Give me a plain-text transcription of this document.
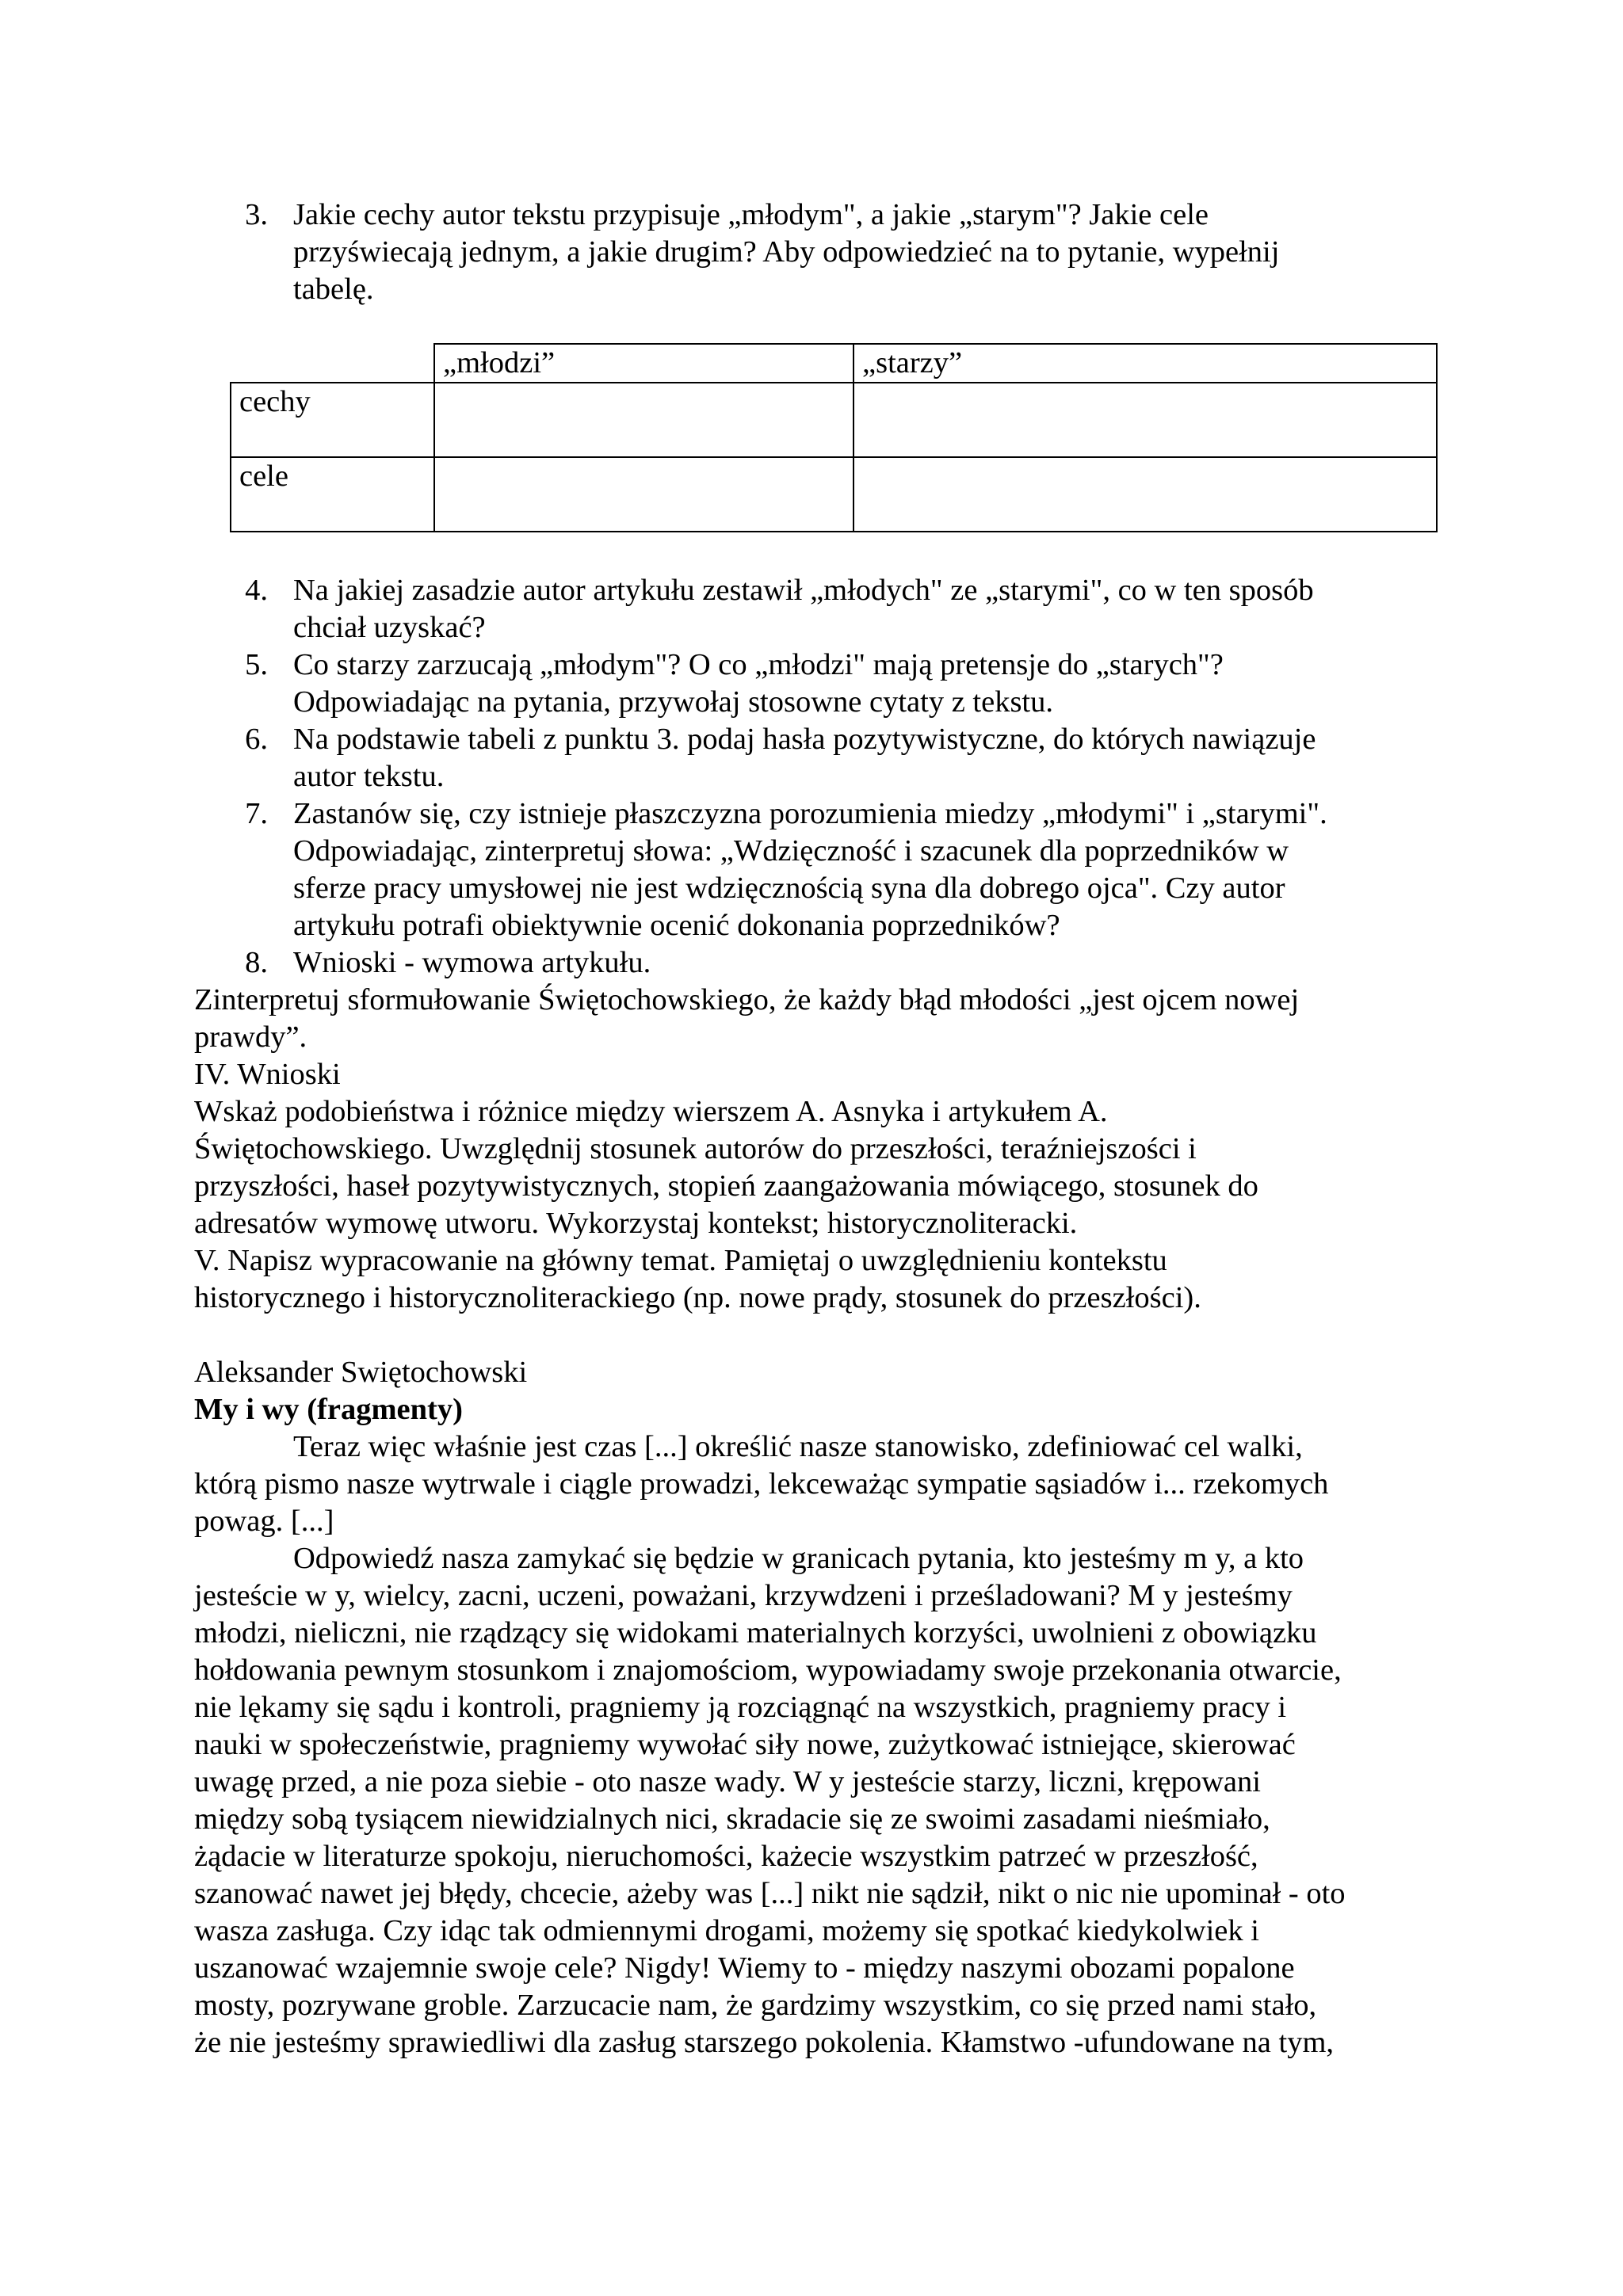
3. Jakie cechy autor tekstu przypisuje „młodym", a jakie „starym"? Jakie cele
przyświecają jednym, a jakie drugim? Aby odpowiedzieć na to pytanie, wypełnij
tabelę.
	„młodzi”	„starzy”

cechy		

cele		

4. Na jakiej zasadzie autor artykułu zestawił „młodych" ze „starymi", co w ten sposób
chciał uzyskać?
5. Co starzy zarzucają „młodym"? O co „młodzi" mają pretensje do „starych"?
Odpowiadając na pytania, przywołaj stosowne cytaty z tekstu.
6. Na podstawie tabeli z punktu 3. podaj hasła pozytywistyczne, do których nawiązuje
autor tekstu.
7. Zastanów się, czy istnieje płaszczyzna porozumienia miedzy „młodymi" i „starymi".
Odpowiadając, zinterpretuj słowa: „Wdzięczność i szacunek dla poprzedników w
sferze pracy umysłowej nie jest wdzięcznością syna dla dobrego ojca". Czy autor
artykułu potrafi obiektywnie ocenić dokonania poprzedników?
8. Wnioski - wymowa artykułu.
Zinterpretuj sformułowanie Świętochowskiego, że każdy błąd młodości „jest ojcem nowej
prawdy”.
IV. Wnioski
Wskaż podobieństwa i różnice między wierszem A. Asnyka i artykułem A.
Świętochowskiego. Uwzględnij stosunek autorów do przeszłości, teraźniejszości i
przyszłości, haseł pozytywistycznych, stopień zaangażowania mówiącego, stosunek do
adresatów wymowę utworu. Wykorzystaj kontekst; historycznoliteracki.
V. Napisz wypracowanie na główny temat. Pamiętaj o uwzględnieniu kontekstu
historycznego i historycznoliterackiego (np. nowe prądy, stosunek do przeszłości).
Aleksander Swiętochowski
My i wy (fragmenty)
Teraz więc właśnie jest czas [...] określić nasze stanowisko, zdefiniować cel walki,
którą pismo nasze wytrwale i ciągle prowadzi, lekceważąc sympatie sąsiadów i... rzekomych
powag. [...]
Odpowiedź nasza zamykać się będzie w granicach pytania, kto jesteśmy m y, a kto
jesteście w y, wielcy, zacni, uczeni, poważani, krzywdzeni i prześladowani? M y jesteśmy
młodzi, nieliczni, nie rządzący się widokami materialnych korzyści, uwolnieni z obowiązku
hołdowania pewnym stosunkom i znajomościom, wypowiadamy swoje przekonania otwarcie,
nie lękamy się sądu i kontroli, pragniemy ją rozciągnąć na wszystkich, pragniemy pracy i
nauki w społeczeństwie, pragniemy wywołać siły nowe, zużytkować istniejące, skierować
uwagę przed, a nie poza siebie - oto nasze wady. W y jesteście starzy, liczni, krępowani
między sobą tysiącem niewidzialnych nici, skradacie się ze swoimi zasadami nieśmiało,
żądacie w literaturze spokoju, nieruchomości, każecie wszystkim patrzeć w przeszłość,
szanować nawet jej błędy, chcecie, ażeby was [...] nikt nie sądził, nikt o nic nie upominał - oto
wasza zasługa. Czy idąc tak odmiennymi drogami, możemy się spotkać kiedykolwiek i
uszanować wzajemnie swoje cele? Nigdy! Wiemy to - między naszymi obozami popalone
mosty, pozrywane groble. Zarzucacie nam, że gardzimy wszystkim, co się przed nami stało,
że nie jesteśmy sprawiedliwi dla zasług starszego pokolenia. Kłamstwo -ufundowane na tym,
